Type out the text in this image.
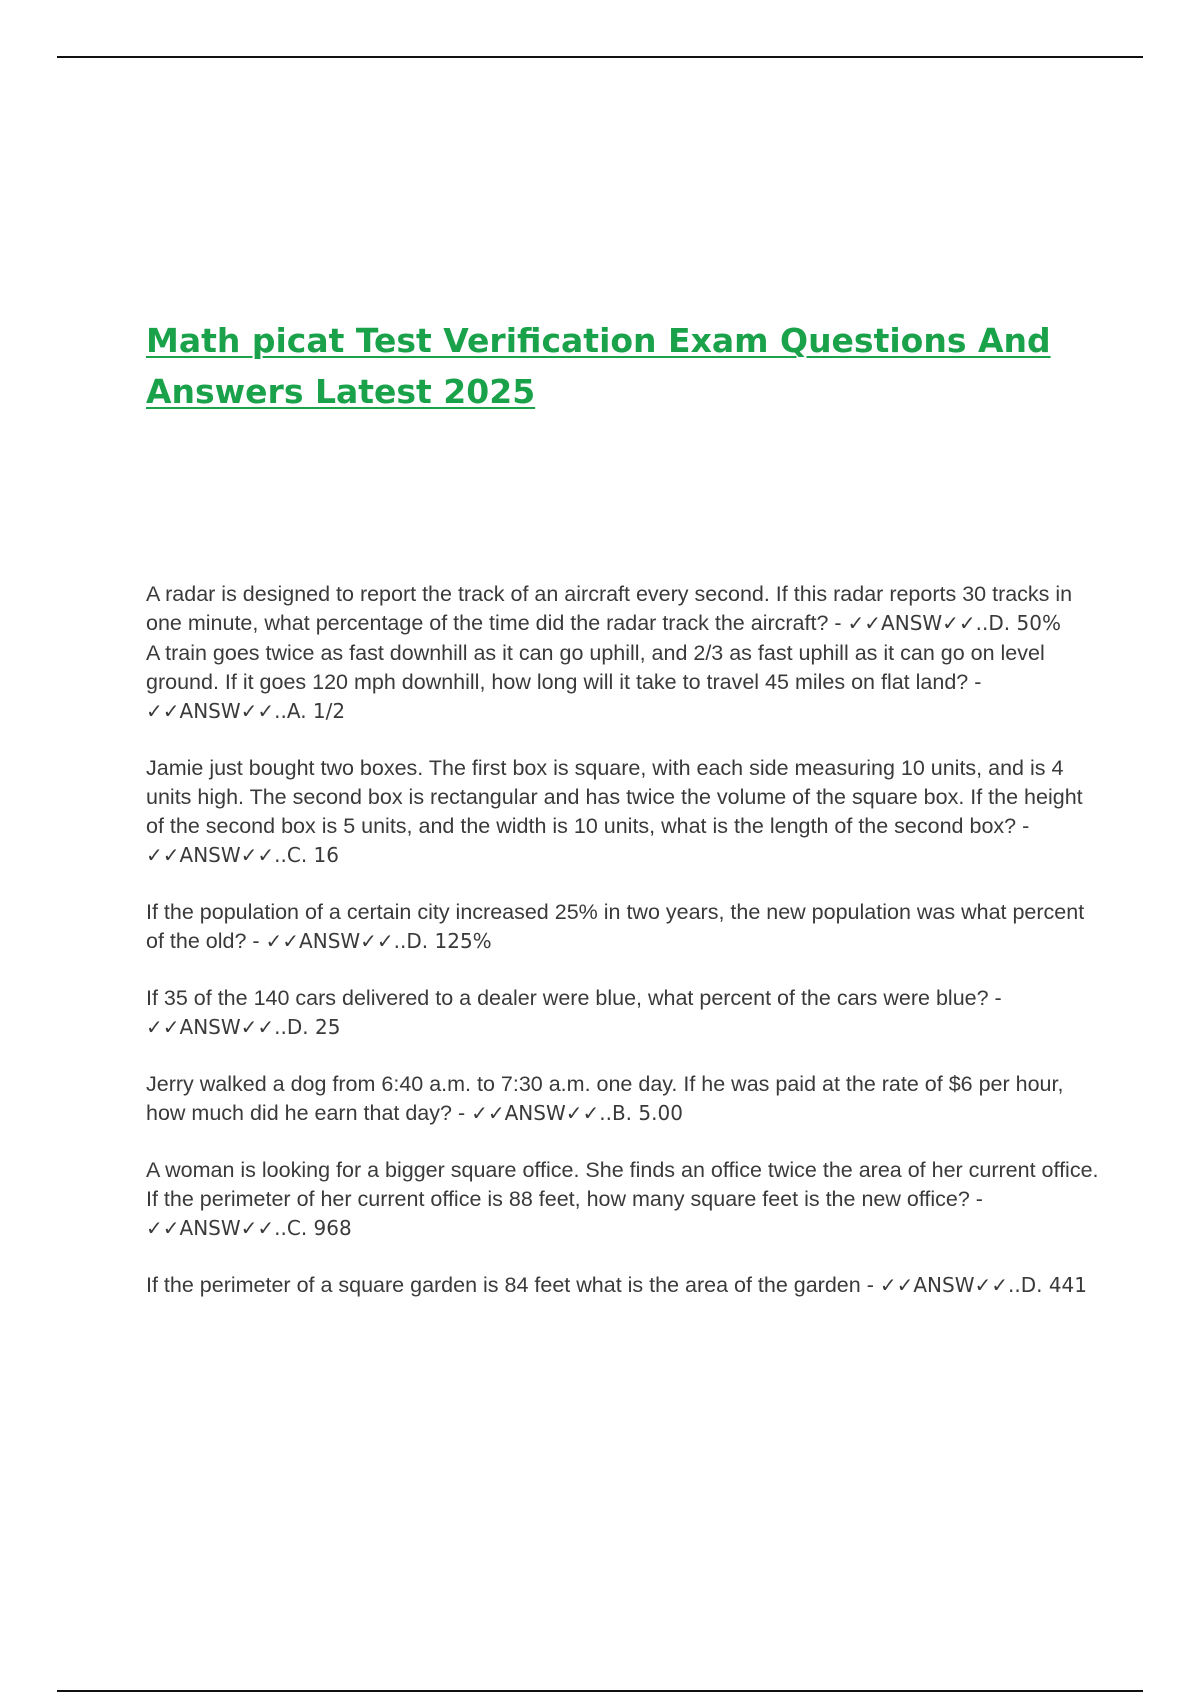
Math picat Test Verification Exam Questions And Answers Latest 2025

A radar is designed to report the track of an aircraft every second. If this radar reports 30 tracks in one minute, what percentage of the time did the radar track the aircraft? - ✓✓ANSW✓✓..D. 50%

A train goes twice as fast downhill as it can go uphill, and 2/3 as fast uphill as it can go on level ground. If it goes 120 mph downhill, how long will it take to travel 45 miles on flat land? - ✓✓ANSW✓✓..A. 1/2

Jamie just bought two boxes. The first box is square, with each side measuring 10 units, and is 4 units high. The second box is rectangular and has twice the volume of the square box. If the height of the second box is 5 units, and the width is 10 units, what is the length of the second box? - ✓✓ANSW✓✓..C. 16

If the population of a certain city increased 25% in two years, the new population was what percent of the old? - ✓✓ANSW✓✓..D. 125%

If 35 of the 140 cars delivered to a dealer were blue, what percent of the cars were blue? - ✓✓ANSW✓✓..D. 25

Jerry walked a dog from 6:40 a.m. to 7:30 a.m. one day. If he was paid at the rate of $6 per hour, how much did he earn that day? - ✓✓ANSW✓✓..B. 5.00

A woman is looking for a bigger square office. She finds an office twice the area of her current office. If the perimeter of her current office is 88 feet, how many square feet is the new office? - ✓✓ANSW✓✓..C. 968

If the perimeter of a square garden is 84 feet what is the area of the garden - ✓✓ANSW✓✓..D. 441
